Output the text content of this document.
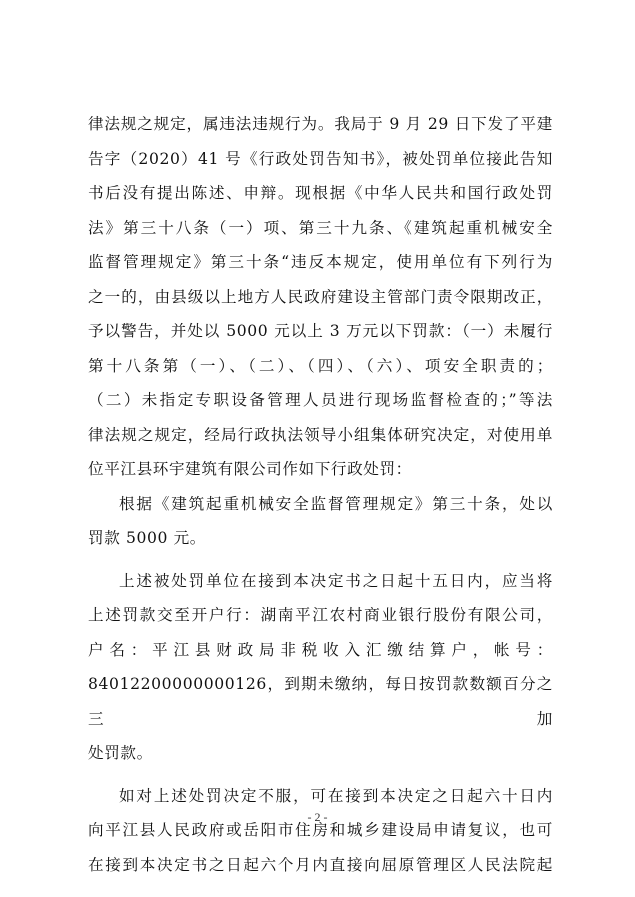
律法规之规定，属违法违规行为。我局于 9 月 29 日下发了平建
告字（2020）41 号《行政处罚告知书》，被处罚单位接此告知
书后没有提出陈述、申辩。现根据《中华人民共和国行政处罚
法》第三十八条（一）项、第三十九条、《建筑起重机械安全
监督管理规定》第三十条“违反本规定，使用单位有下列行为
之一的，由县级以上地方人民政府建设主管部门责令限期改正，
予以警告，并处以 5000 元以上 3 万元以下罚款：（一）未履行
第十八条第（一）、（二）、（四）、（六）、项安全职责的；
（二）未指定专职设备管理人员进行现场监督检查的；”等法
律法规之规定，经局行政执法领导小组集体研究决定，对使用单
位平江县环宇建筑有限公司作如下行政处罚：
根据《建筑起重机械安全监督管理规定》第三十条，处以
罚款 5000 元。
上述被处罚单位在接到本决定书之日起十五日内，应当将
上述罚款交至开户行：湖南平江农村商业银行股份有限公司，
户名：平江县财政局非税收入汇缴结算户，帐号：
84012200000000126，到期未缴纳，每日按罚款数额百分之三加
处罚款。
如对上述处罚决定不服，可在接到本决定之日起六十日内
向平江县人民政府或岳阳市住房和城乡建设局申请复议，也可
在接到本决定书之日起六个月内直接向屈原管理区人民法院起
- 2 -
